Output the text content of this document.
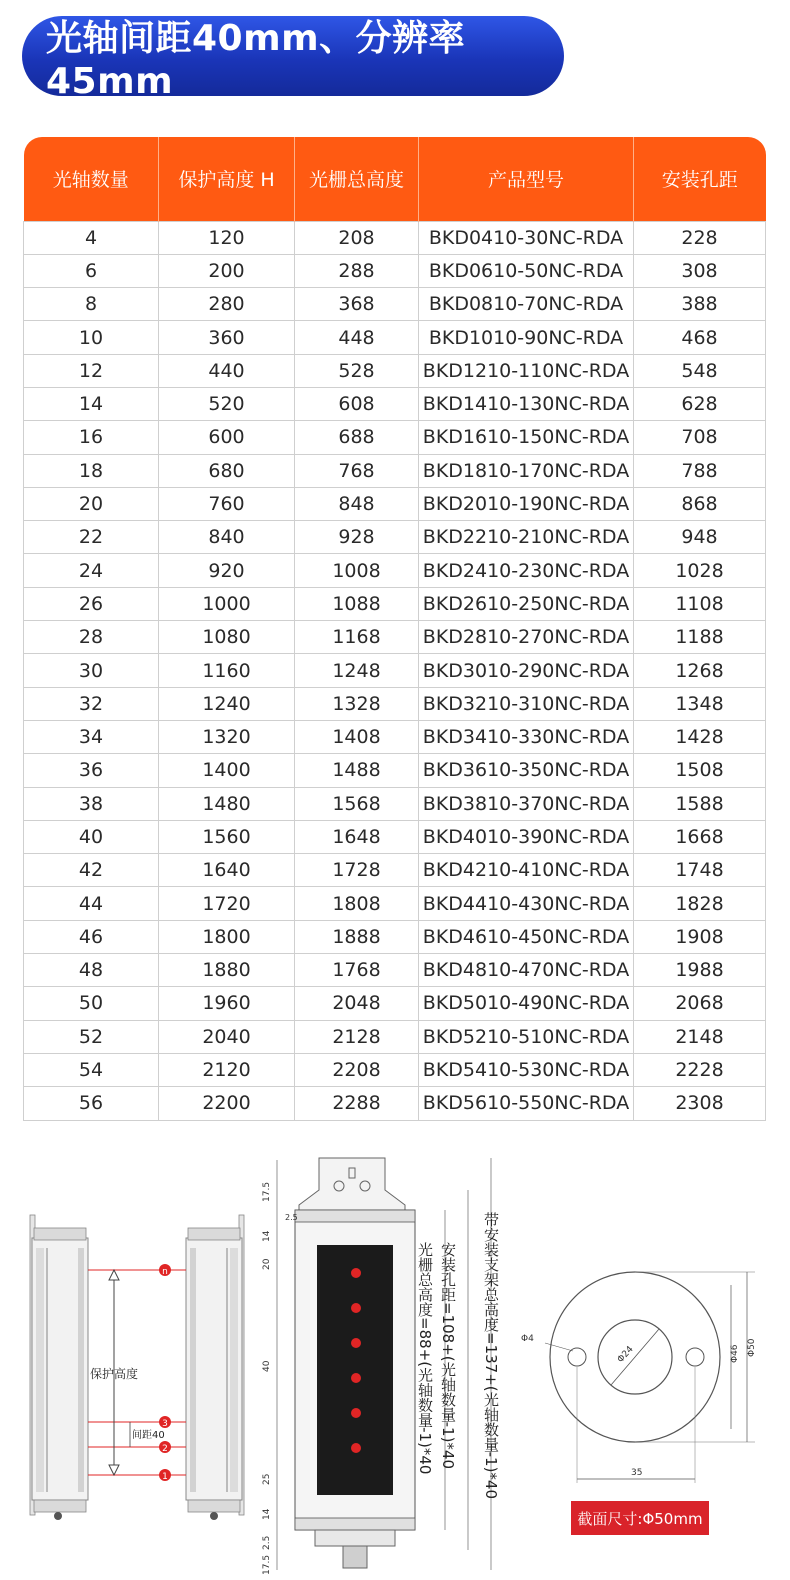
光轴间距40mm、分辨率45mm
光轴数量	保护高度 H	光栅总高度	产品型号	安装孔距
4	120	208	BKD0410-30NC-RDA	228
6	200	288	BKD0610-50NC-RDA	308
8	280	368	BKD0810-70NC-RDA	388
10	360	448	BKD1010-90NC-RDA	468
12	440	528	BKD1210-110NC-RDA	548
14	520	608	BKD1410-130NC-RDA	628
16	600	688	BKD1610-150NC-RDA	708
18	680	768	BKD1810-170NC-RDA	788
20	760	848	BKD2010-190NC-RDA	868
22	840	928	BKD2210-210NC-RDA	948
24	920	1008	BKD2410-230NC-RDA	1028
26	1000	1088	BKD2610-250NC-RDA	1108
28	1080	1168	BKD2810-270NC-RDA	1188
30	1160	1248	BKD3010-290NC-RDA	1268
32	1240	1328	BKD3210-310NC-RDA	1348
34	1320	1408	BKD3410-330NC-RDA	1428
36	1400	1488	BKD3610-350NC-RDA	1508
38	1480	1568	BKD3810-370NC-RDA	1588
40	1560	1648	BKD4010-390NC-RDA	1668
42	1640	1728	BKD4210-410NC-RDA	1748
44	1720	1808	BKD4410-430NC-RDA	1828
46	1800	1888	BKD4610-450NC-RDA	1908
48	1880	1768	BKD4810-470NC-RDA	1988
50	1960	2048	BKD5010-490NC-RDA	2068
52	2040	2128	BKD5210-510NC-RDA	2148
54	2120	2208	BKD5410-530NC-RDA	2228
56	2200	2288	BKD5610-550NC-RDA	2308
n
3
2
1
保护高度
间距40
17.5
2.5
14
20
40
25
14
2.5
17.5
光栅总高度=88+(光轴数量-1)*40 安装孔距=108+(光轴数量-1)*40 带安装支架总高度=137+(光轴数量-1)*40	Φ24
Φ4	Φ50
Φ46
35
截面尺寸:Φ50mm
